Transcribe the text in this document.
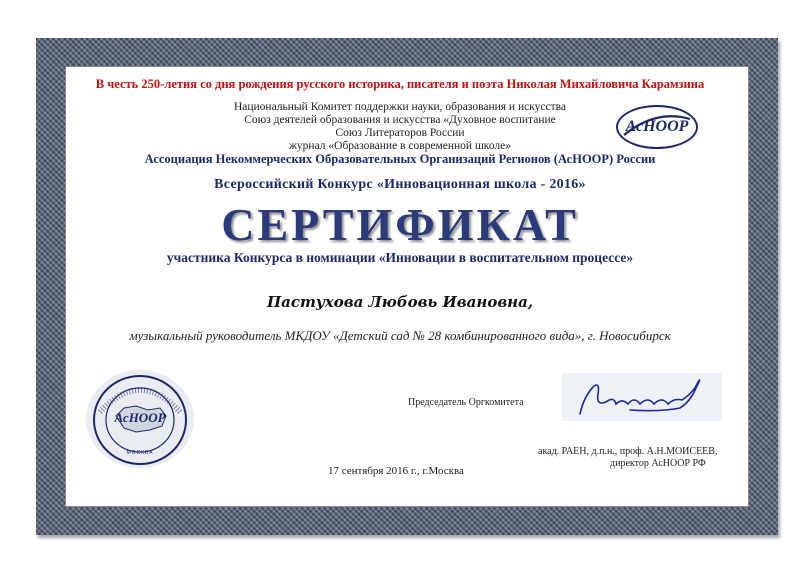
В честь 250-летия со дня рождения русского историка, писателя и поэта Николая Михайловича Карамзина
Национальный Комитет поддержки науки, образования и искусства
Союз деятелей образования и искусства «Духовное воспитание
Союз Литераторов России
журнал «Образование в современной школе»
АсНООР
Ассоциация Некоммерческих Образовательных Организаций Регионов (АсНООР) России
Всероссийский Конкурс «Инновационная школа - 2016»
СЕРТИФИКАТ
участника Конкурса в номинации «Инновации в воспитательном процессе»
Пастухова Любовь Ивановна,
музыкальный руководитель МКДОУ «Детский сад № 28 комбинированного вида», г. Новосибирск
АсНООР
МОСКВА
Председатель Оргкомитета
акад. РАЕН, д.п.н., проф. А.Н.МОИСЕЕВ,
директор АсНООР РФ
17 сентября 2016 г., г.Москва
